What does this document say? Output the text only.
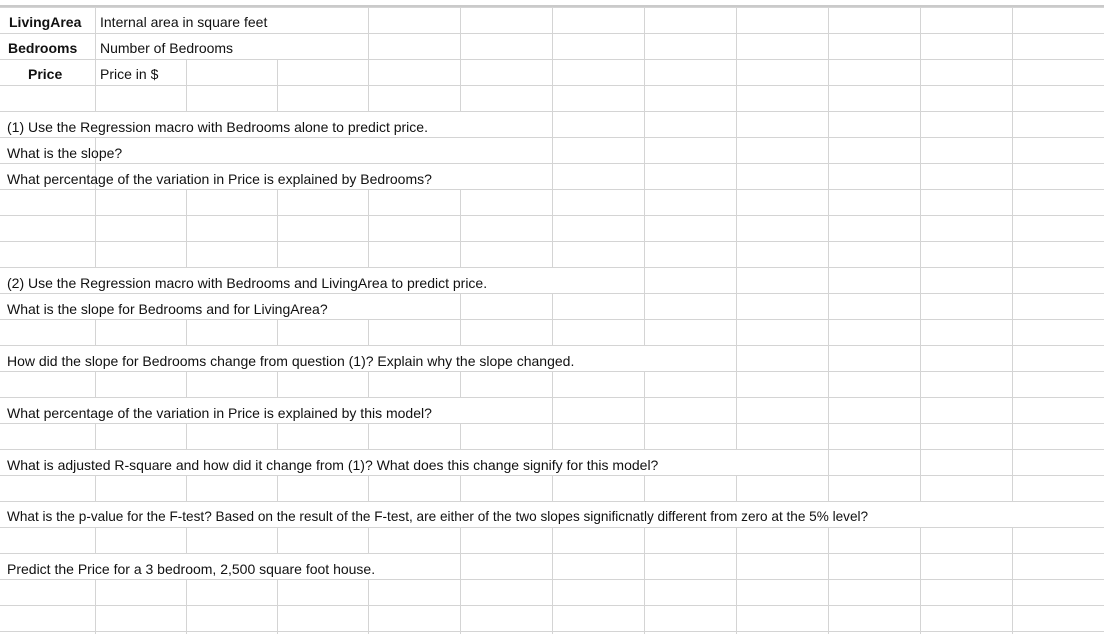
LivingArea Internal area in square feet
Bedrooms Number of Bedrooms
Price	Price in $
(1) Use the Regression macro with Bedrooms alone to predict price.
What is the slope?
What percentage of the variation in Price is explained by Bedrooms?
(2) Use the Regression macro with Bedrooms and LivingArea to predict price.
What is the slope for Bedrooms and for LivingArea?
How did the slope for Bedrooms change from question (1)? Explain why the slope changed.
What percentage of the variation in Price is explained by this model?
What is adjusted R-square and how did it change from (1)? What does this change signify for this model?
What is the p-value for the F-test? Based on the result of the F-test, are either of the two slopes significnatly different from zero at the 5% level?
Predict the Price for a 3 bedroom, 2,500 square foot house.
